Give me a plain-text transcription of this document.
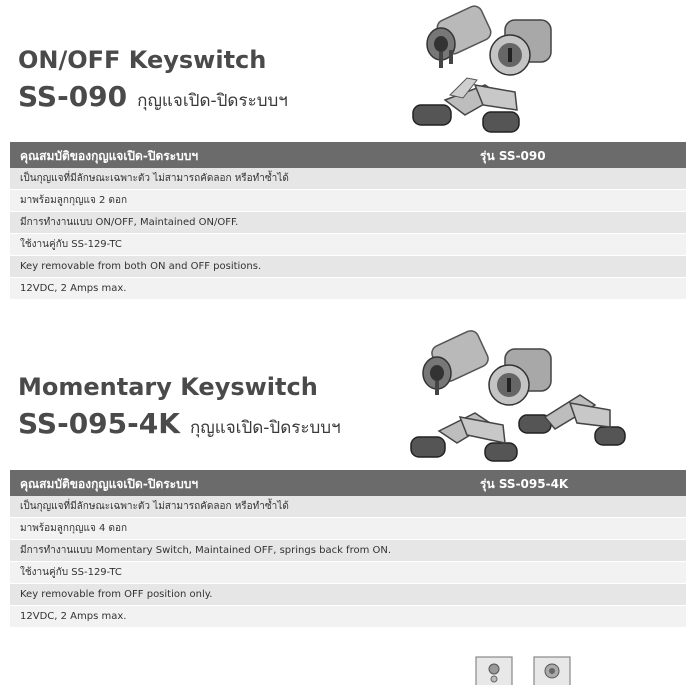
ON/OFF Keyswitch
SS-090 กุญแจเปิด-ปิดระบบฯ
คุณสมบัติของกุญแจเปิด-ปิดระบบฯ	รุ่น SS-090
เป็นกุญแจที่มีลักษณะเฉพาะตัว ไม่สามารถคัดลอก หรือทำซ้ำได้
มาพร้อมลูกกุญแจ 2 ดอก
มีการทำงานแบบ ON/OFF, Maintained ON/OFF.
ใช้งานคู่กับ SS-129-TC
Key removable from both ON and OFF positions.
12VDC, 2 Amps max.
Momentary Keyswitch
SS-095-4K กุญแจเปิด-ปิดระบบฯ
คุณสมบัติของกุญแจเปิด-ปิดระบบฯ	รุ่น SS-095-4K
เป็นกุญแจที่มีลักษณะเฉพาะตัว ไม่สามารถคัดลอก หรือทำซ้ำได้
มาพร้อมลูกกุญแจ 4 ดอก
มีการทำงานแบบ Momentary Switch, Maintained OFF, springs back from ON.
ใช้งานคู่กับ SS-129-TC
Key removable from OFF position only.
12VDC, 2 Amps max.
